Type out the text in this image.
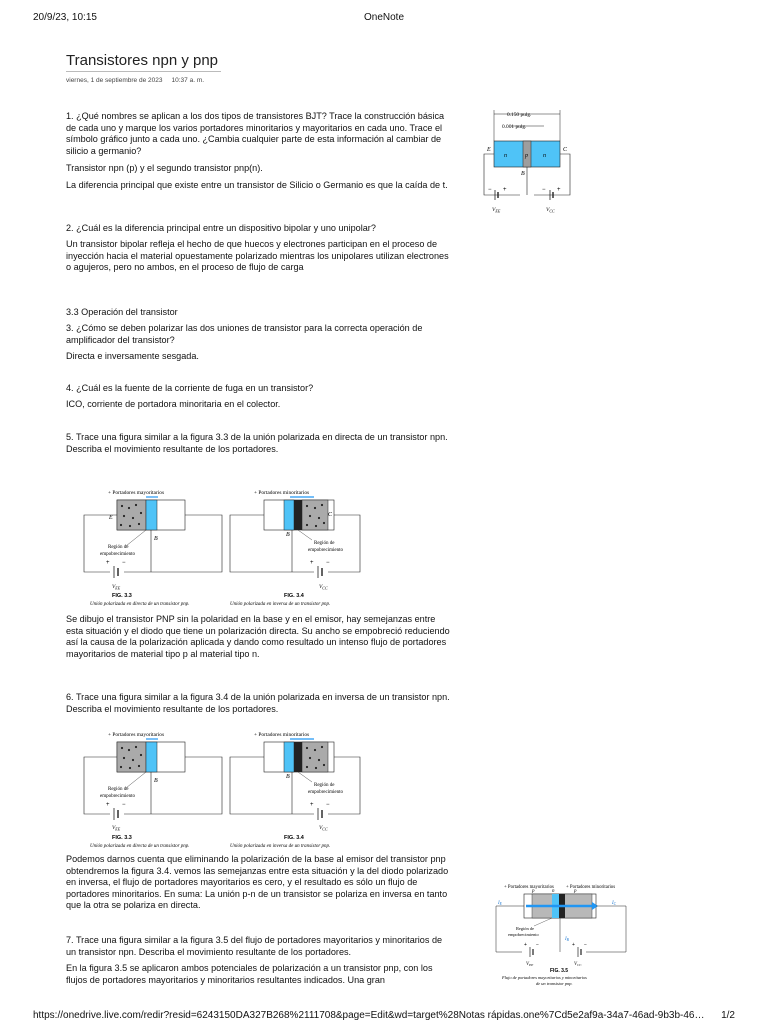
20/9/23, 10:15	OneNote
Transistores npn y pnp
viernes, 1 de septiembre de 2023 10:37 a. m.

1. ¿Qué nombres se aplican a los dos tipos de transistores BJT? Trace la construcción básica de cada uno y marque los varios portadores minoritarios y mayoritarios en cada uno. Trace el símbolo gráfico junto a cada uno. ¿Cambia cualquier parte de esta información al cambiar de silicio a germanio?

Transistor npn (p) y el segundo transistor pnp(n).

La diferencia principal que existe entre un transistor de Silicio o Germanio es que la caída de t.

0.150 pulg.
0.001 pulg.
n	p	n
E	C
B
− +	− +
$V_{EE}$	$V_{CC}$

2. ¿Cuál es la diferencia principal entre un dispositivo bipolar y uno unipolar?

Un transistor bipolar refleja el hecho de que huecos y electrones participan en el proceso de inyección hacia el material opuestamente polarizado mientras los unipolares utilizan electrones o agujeros, pero no ambos, en el proceso de flujo de carga

3.3 Operación del transistor

3. ¿Cómo se deben polarizar las dos uniones de transistor para la correcta operación de amplificador del transistor?

Directa e inversamente sesgada.

4. ¿Cuál es la fuente de la corriente de fuga en un transistor?

ICO, corriente de portadora minoritaria en el colector.

5. Trace una figura similar a la figura 3.3 de la unión polarizada en directa de un transistor npn. Describa el movimiento resultante de los portadores.

+ Portadores mayoritarios
E
B
+ −
$V_{EE}$
Región de
empobrecimiento
FIG. 3.3
Unión polarizada en directa de un transistor pnp.
+ Portadores minoritarios
C
B
+ −
$V_{CC}$
Región de
empobrecimiento
FIG. 3.4
Unión polarizada en inversa de un transistor pnp.

Se dibujo el transistor PNP sin la polaridad en la base y en el emisor, hay semejanzas entre esta situación y el diodo que tiene un polarización directa. Su ancho se empobreció reduciendo así la causa de la polarización aplicada y dando como resultado un intenso flujo de portadores mayoritarios de material tipo p al material tipo n.

6. Trace una figura similar a la figura 3.4 de la unión polarizada en inversa de un transistor npn. Describa el movimiento resultante de los portadores.

+ Portadores mayoritarios
B
+ −
$V_{EE}$
Región de
empobrecimiento
FIG. 3.3
Unión polarizada en directa de un transistor pnp.
+ Portadores minoritarios
B
+ −
$V_{CC}$
Región de
empobrecimiento
FIG. 3.4
Unión polarizada en inversa de un transistor pnp.

Podemos darnos cuenta que eliminando la polarización de la base al emisor del transistor pnp obtendremos la figura 3.4. vemos las semejanzas entre esta situación y la del diodo polarizado en inversa, el flujo de portadores mayoritarios es cero, y el resultado es sólo un flujo de portadores minoritarios. En suma: La unión p-n de un transistor se polariza en inversa en tanto que la otra se polariza en directa.

7. Trace una figura similar a la figura 3.5 del flujo de portadores mayoritarios y minoritarios de un transistor npn. Describa el movimiento resultante de los portadores.

En la figura 3.5 se aplicaron ambos potenciales de polarización a un transistor pnp, con los flujos de portadores mayoritarios y minoritarios resultantes indicados. Una gran

+ Portadores mayoritarios	+ Portadores minoritarios
p	n	p
$I_E$	$I_C$
$I_B$
+ −	+ −
$V_{EE}$	$V_{CC}$
Región de
empobrecimiento
FIG. 3.5
Flujo de portadores mayoritarios y minoritarios
de un transistor pnp.
https://onedrive.live.com/redir?resid=6243150DA327B268%2111708&page=Edit&wd=target%28Notas rápidas.one%7Cd5e2af9a-34a7-46ad-9b3b-46… 1/2
